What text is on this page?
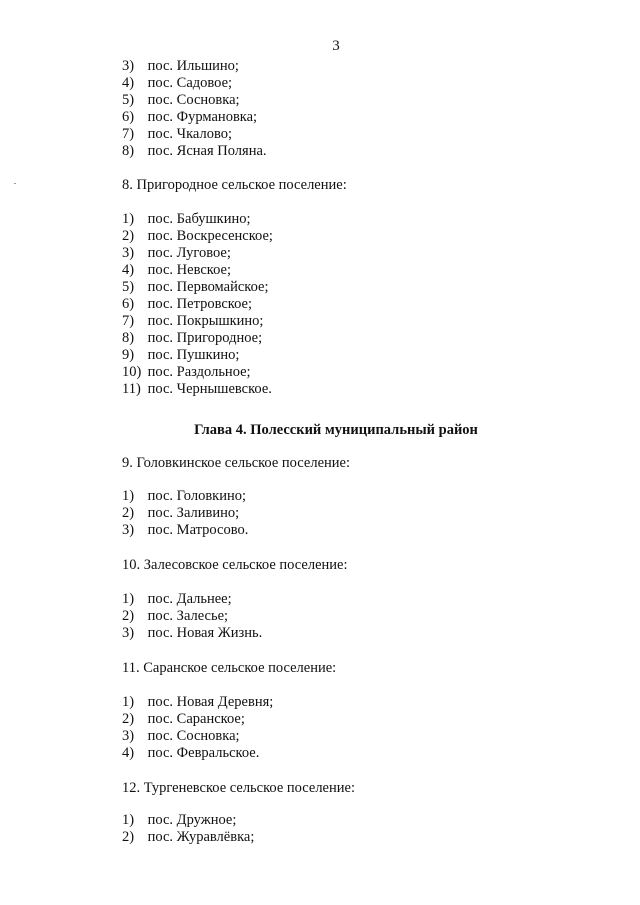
3
3) пос. Ильшино;
4) пос. Садовое;
5) пос. Сосновка;
6) пос. Фурмановка;
7) пос. Чкалово;
8) пос. Ясная Поляна.
8. Пригородное сельское поселение:
1) пос. Бабушкино;
2) пос. Воскресенское;
3) пос. Луговое;
4) пос. Невское;
5) пос. Первомайское;
6) пос. Петровское;
7) пос. Покрышкино;
8) пос. Пригородное;
9) пос. Пушкино;
10) пос. Раздольное;
11) пос. Чернышевское.
Глава 4. Полесский муниципальный район
9. Головкинское сельское поселение:
1) пос. Головкино;
2) пос. Заливино;
3) пос. Матросово.
10. Залесовское сельское поселение:
1) пос. Дальнее;
2) пос. Залесье;
3) пос. Новая Жизнь.
11. Саранское сельское поселение:
1) пос. Новая Деревня;
2) пос. Саранское;
3) пос. Сосновка;
4) пос. Февральское.
12. Тургеневское сельское поселение:
1) пос. Дружное;
2) пос. Журавлёвка;
